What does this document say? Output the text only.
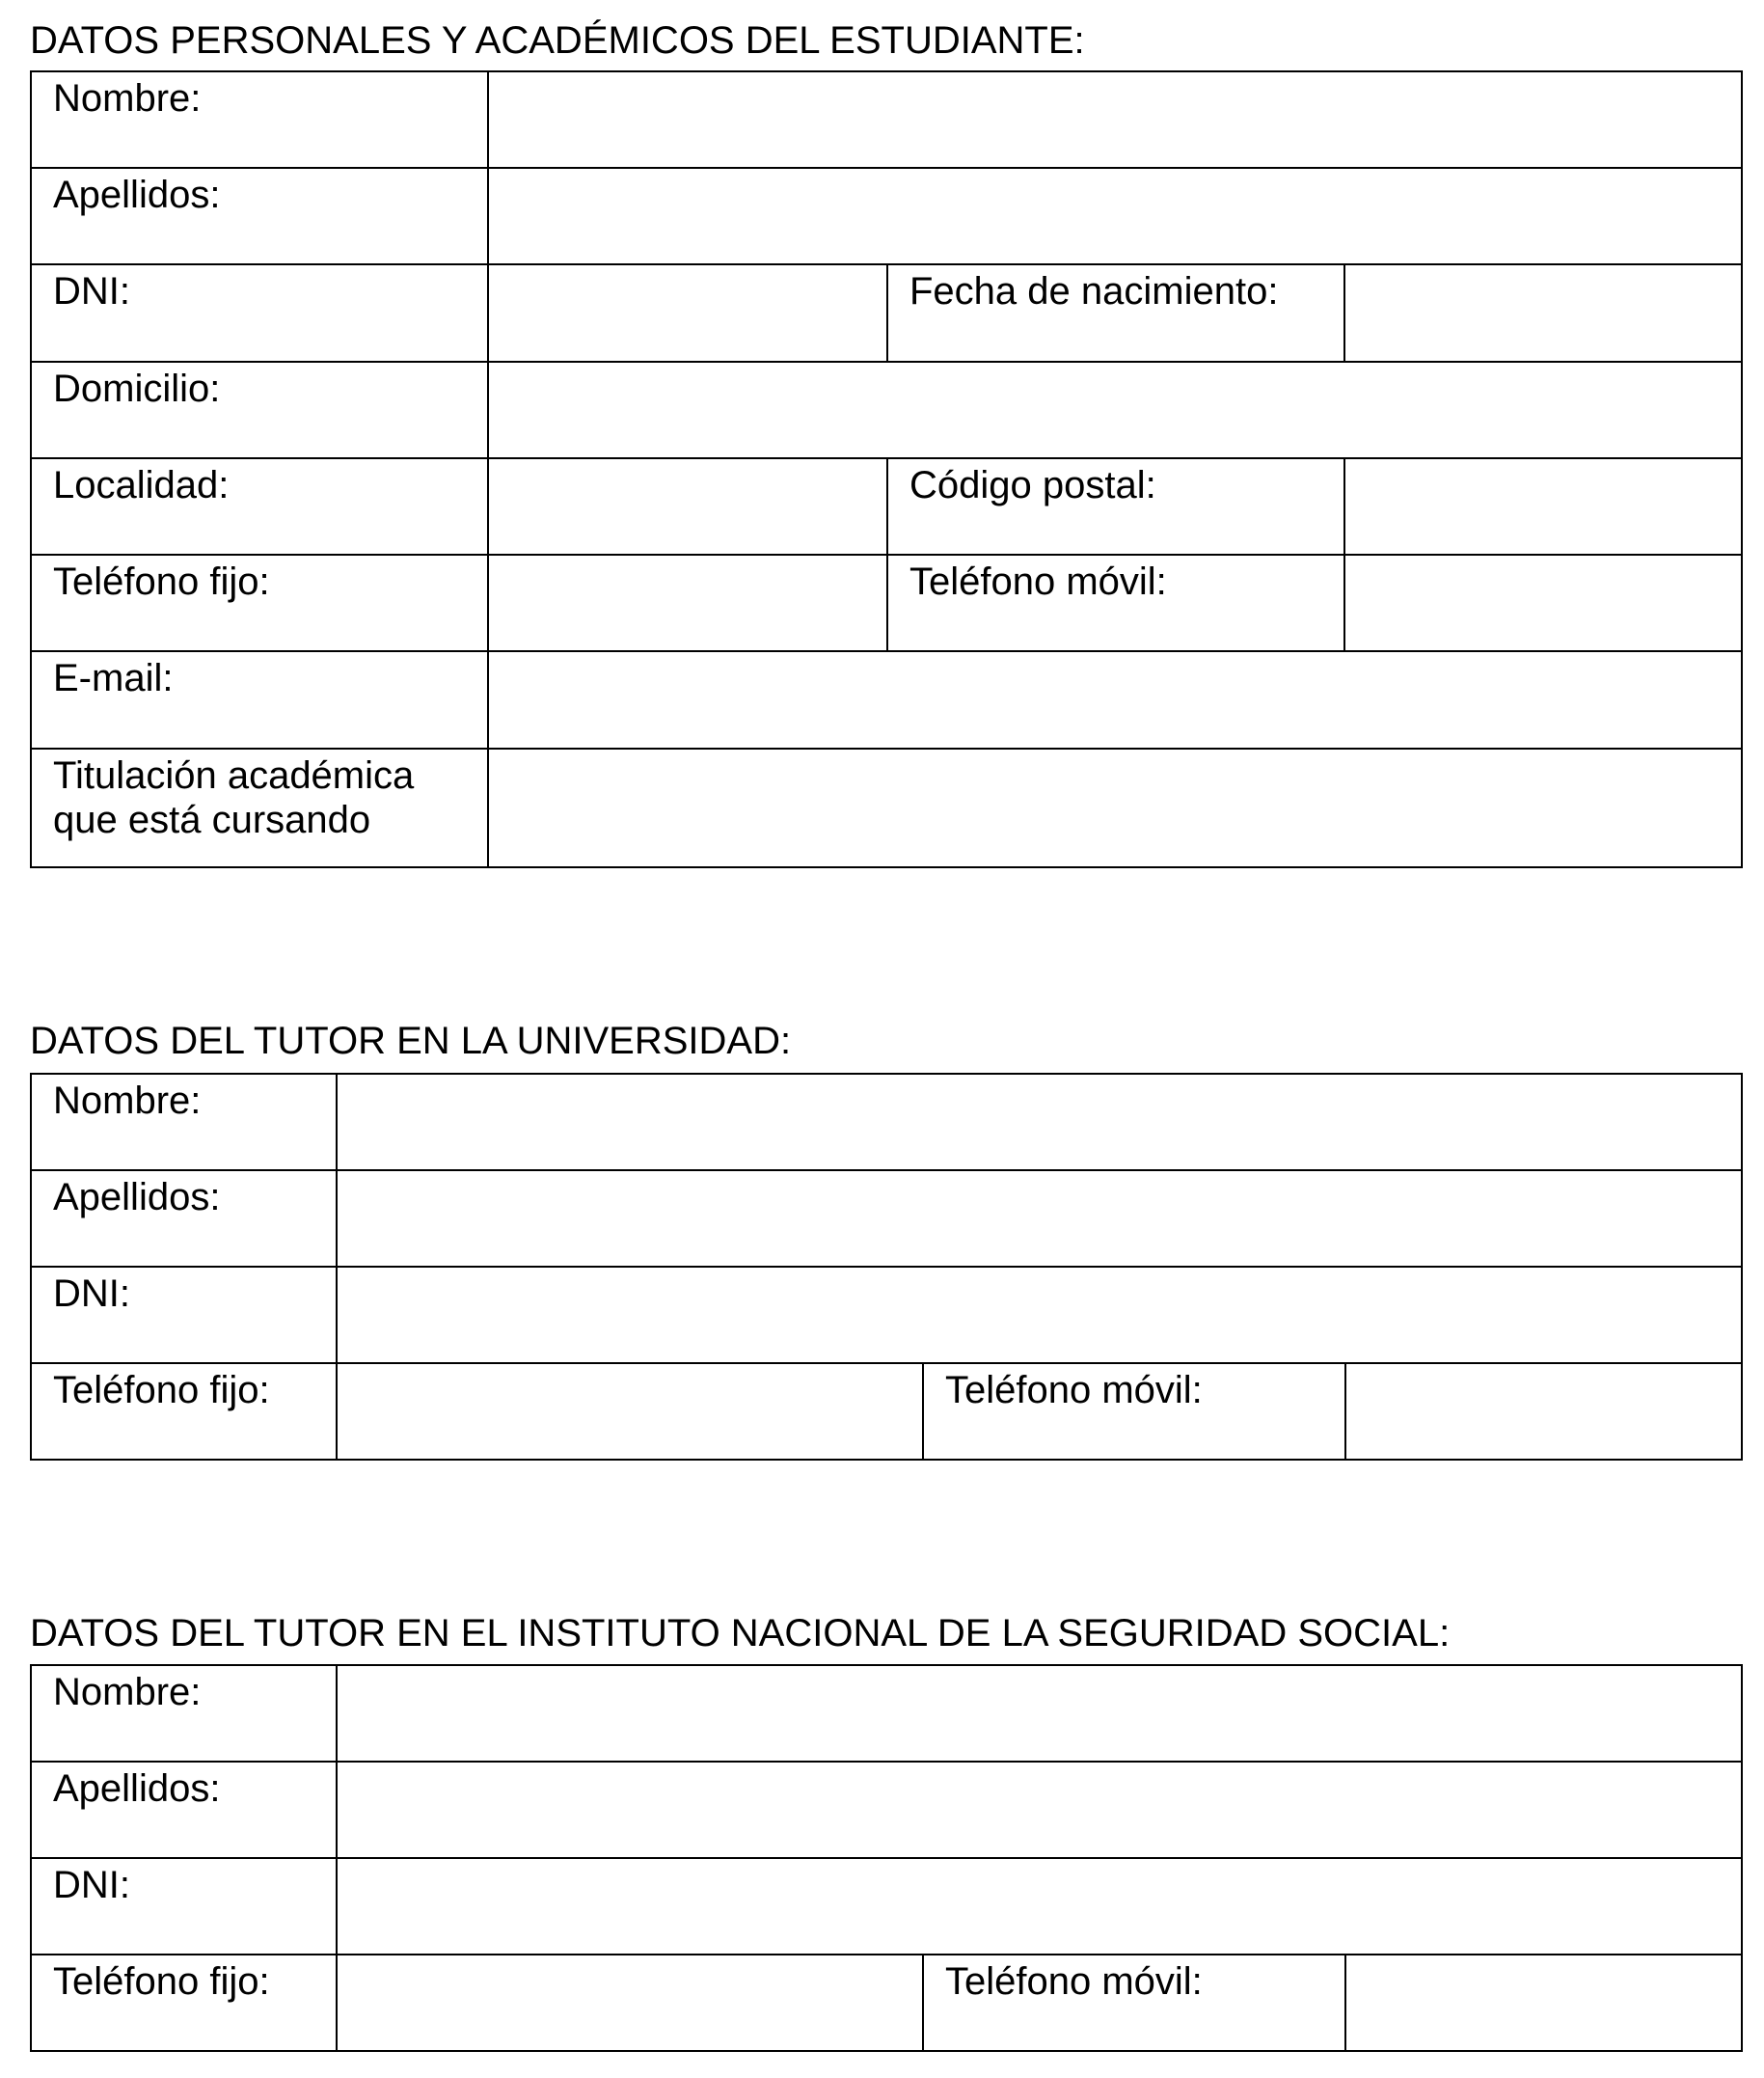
DATOS PERSONALES Y ACADÉMICOS DEL ESTUDIANTE:
Nombre:			

Apellidos:			

DNI:		Fecha de nacimiento:	

Domicilio:			

Localidad:		Código postal:	

Teléfono fijo:		Teléfono móvil:	

E-mail:			

Titulación académica
que está cursando			

DATOS DEL TUTOR EN LA UNIVERSIDAD:
Nombre:			

Apellidos:			

DNI:			

Teléfono fijo:		Teléfono móvil:	

DATOS DEL TUTOR EN EL INSTITUTO NACIONAL DE LA SEGURIDAD SOCIAL:
Nombre:			

Apellidos:			

DNI:			

Teléfono fijo:		Teléfono móvil:	
